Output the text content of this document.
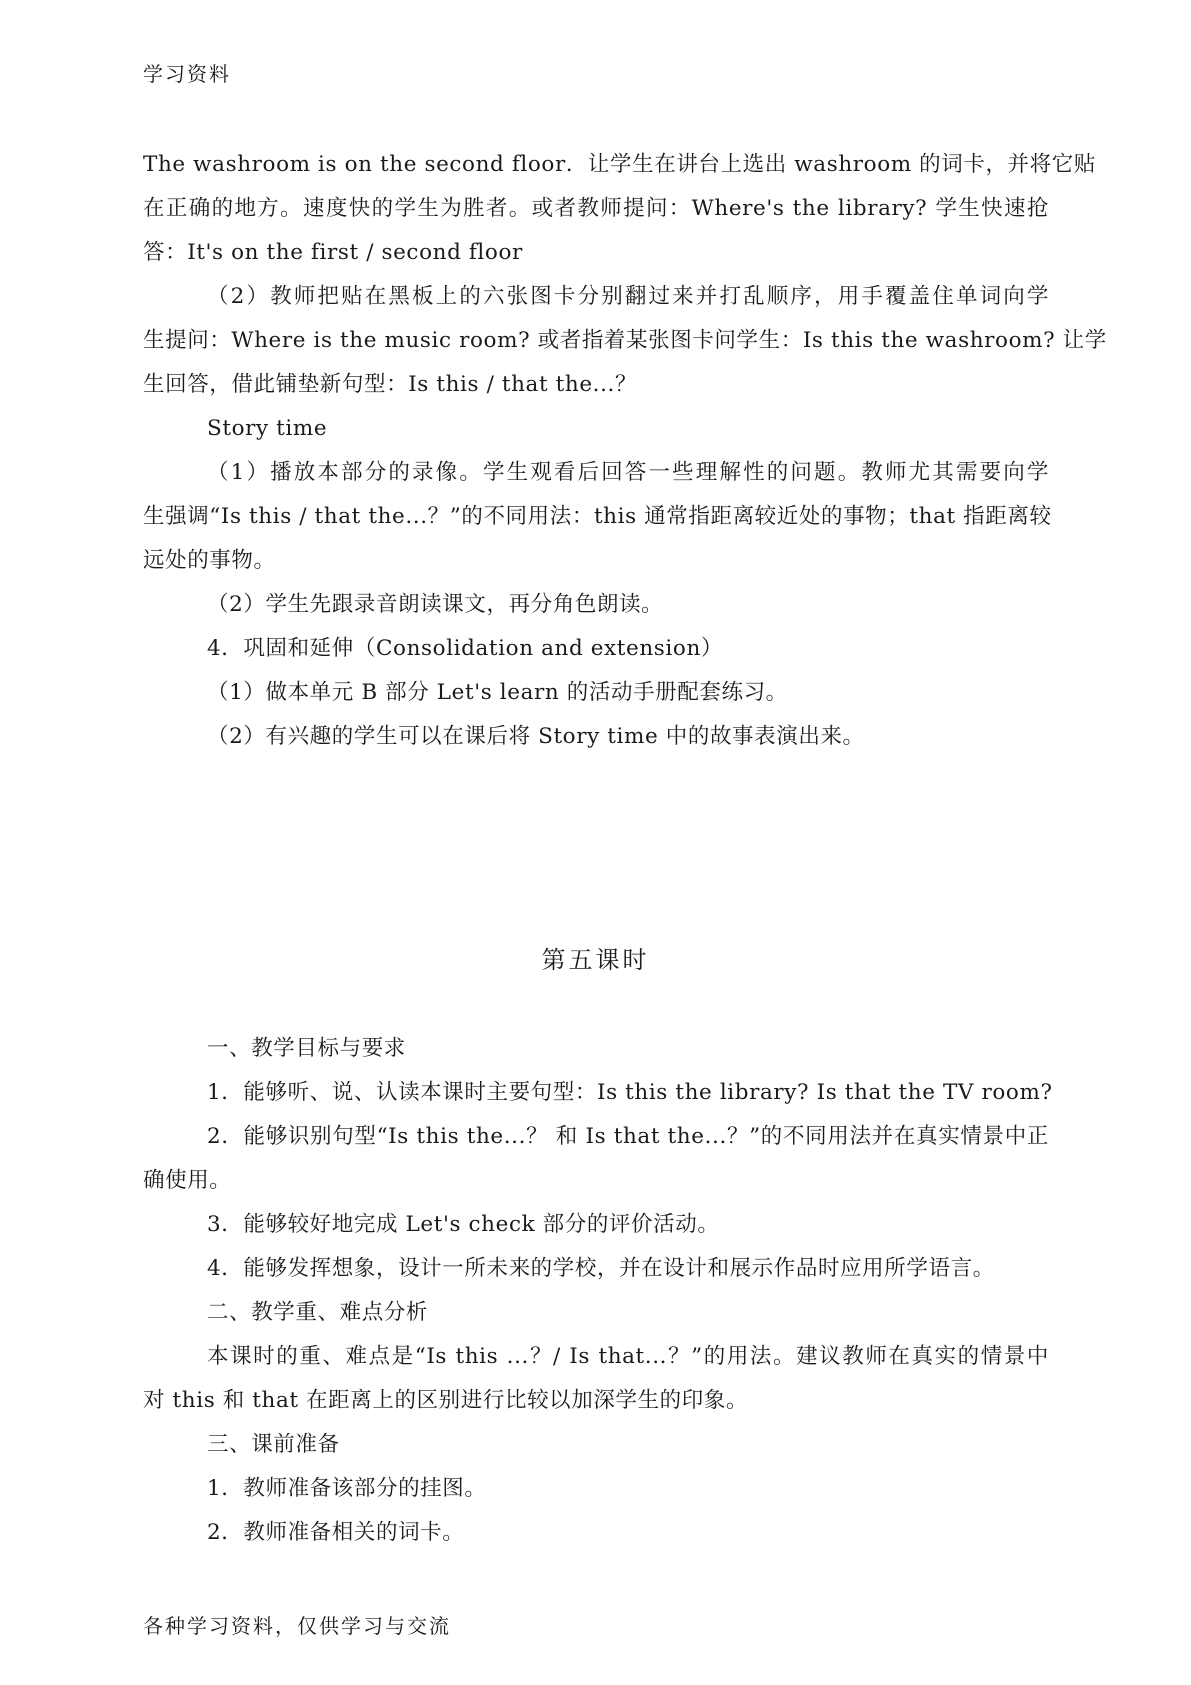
学习资料
The washroom is on the second floor．让学生在讲台上选出 washroom 的词卡，并将它贴
在正确的地方。速度快的学生为胜者。或者教师提问：Where's the library? 学生快速抢
答：It's on the first / second floor
（2）教师把贴在黑板上的六张图卡分别翻过来并打乱顺序，用手覆盖住单词向学
生提问：Where is the music room? 或者指着某张图卡问学生：Is this the washroom? 让学
生回答，借此铺垫新句型：Is this / that the...？
Story time
（1）播放本部分的录像。学生观看后回答一些理解性的问题。教师尤其需要向学
生强调“Is this / that the...？”的不同用法：this 通常指距离较近处的事物；that 指距离较
远处的事物。
（2）学生先跟录音朗读课文，再分角色朗读。
4．巩固和延伸（Consolidation and extension）
（1）做本单元 B 部分 Let's learn 的活动手册配套练习。
（2）有兴趣的学生可以在课后将 Story time 中的故事表演出来。
第五课时
一、教学目标与要求
1．能够听、说、认读本课时主要句型：Is this the library? Is that the TV room?
2．能够识别句型“Is this the...？ 和 Is that the...？”的不同用法并在真实情景中正
确使用。
3．能够较好地完成 Let's check 部分的评价活动。
4．能够发挥想象，设计一所未来的学校，并在设计和展示作品时应用所学语言。
二、教学重、难点分析
本课时的重、难点是“Is this ...？/ Is that...？”的用法。建议教师在真实的情景中
对 this 和 that 在距离上的区别进行比较以加深学生的印象。
三、课前准备
1．教师准备该部分的挂图。
2．教师准备相关的词卡。
各种学习资料，仅供学习与交流
